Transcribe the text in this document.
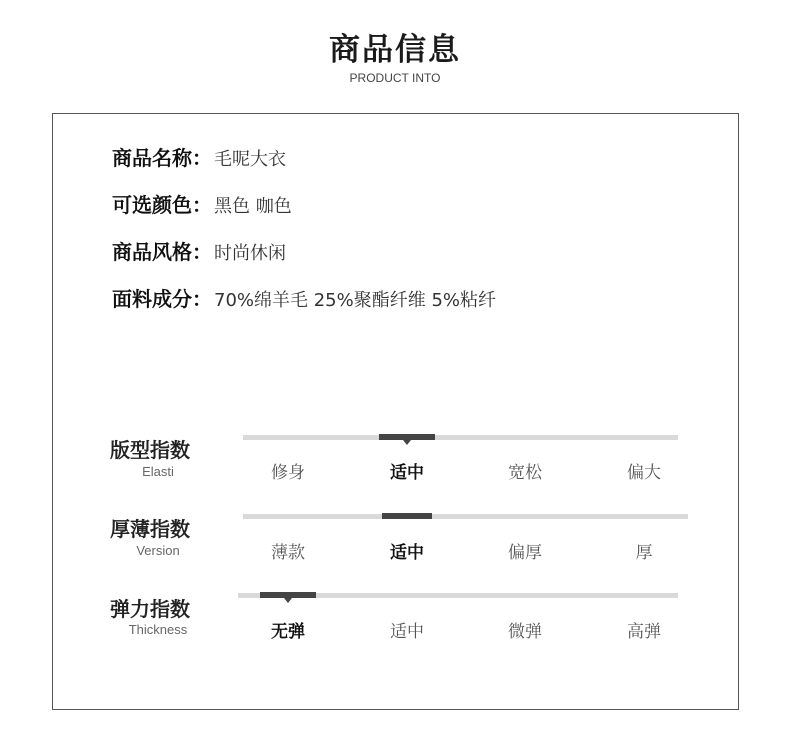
商品信息
PRODUCT INTO
商品名称 ： 毛呢大衣
可选颜色 ： 黑色 咖色
商品风格 ： 时尚休闲
面料成分 ： 70%绵羊毛 25%聚酯纤维 5%粘纤
版型指数
Elasti	修身	适中	宽松	偏大
厚薄指数
Version	薄款	适中	偏厚	厚
弹力指数
Thickness	无弹	适中	微弹	高弹
